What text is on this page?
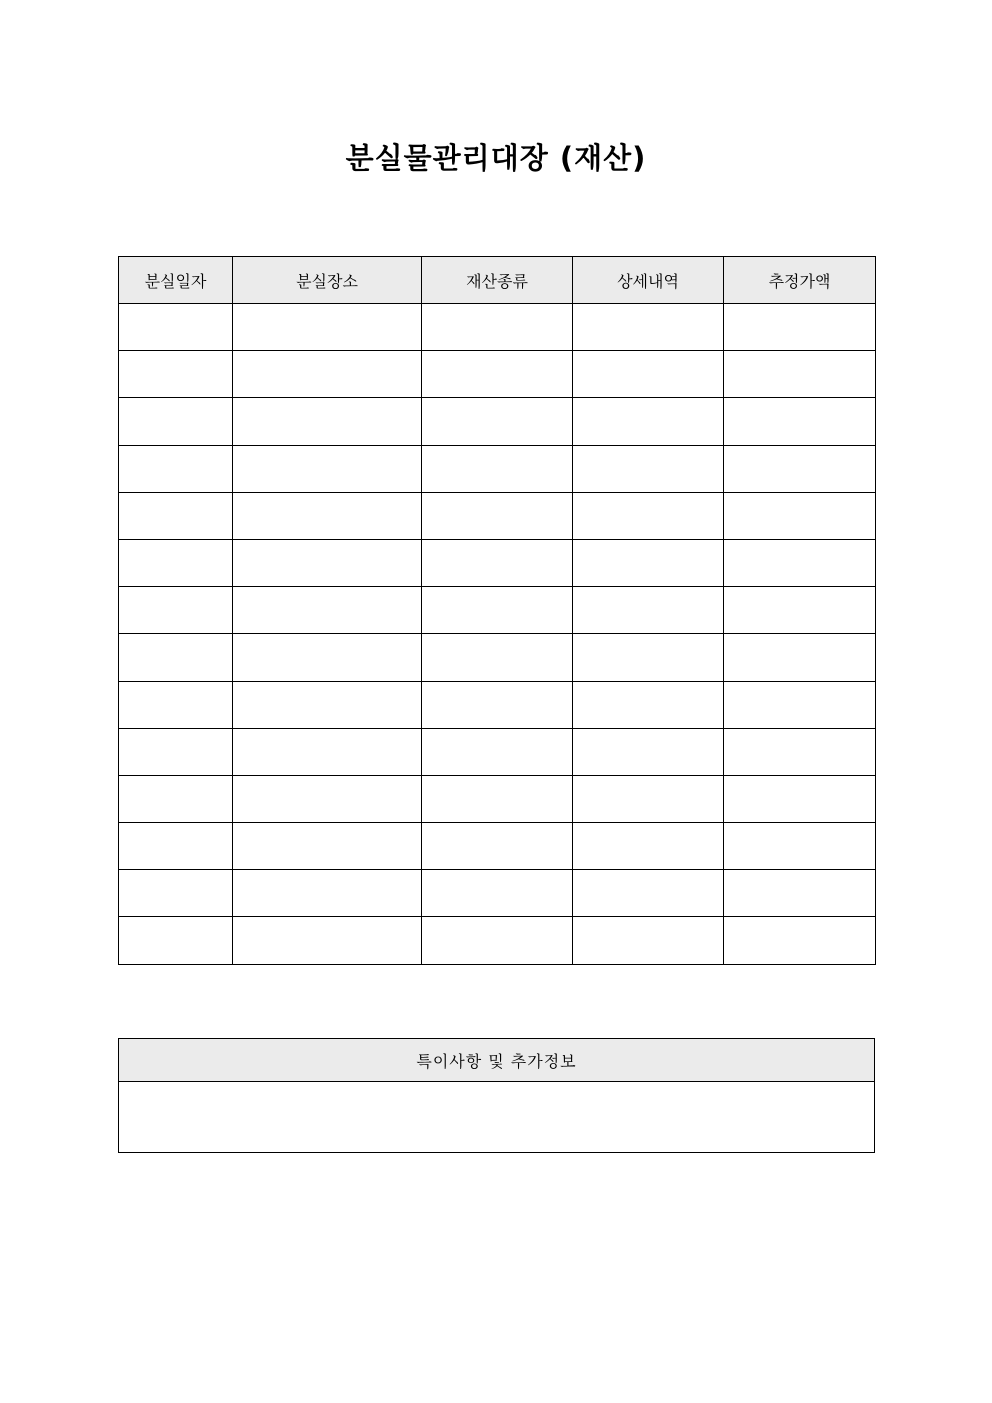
분실물관리대장 (재산)
분실일자	분실장소	재산종류	상세내역	추정가액

특이사항 및 추가정보
